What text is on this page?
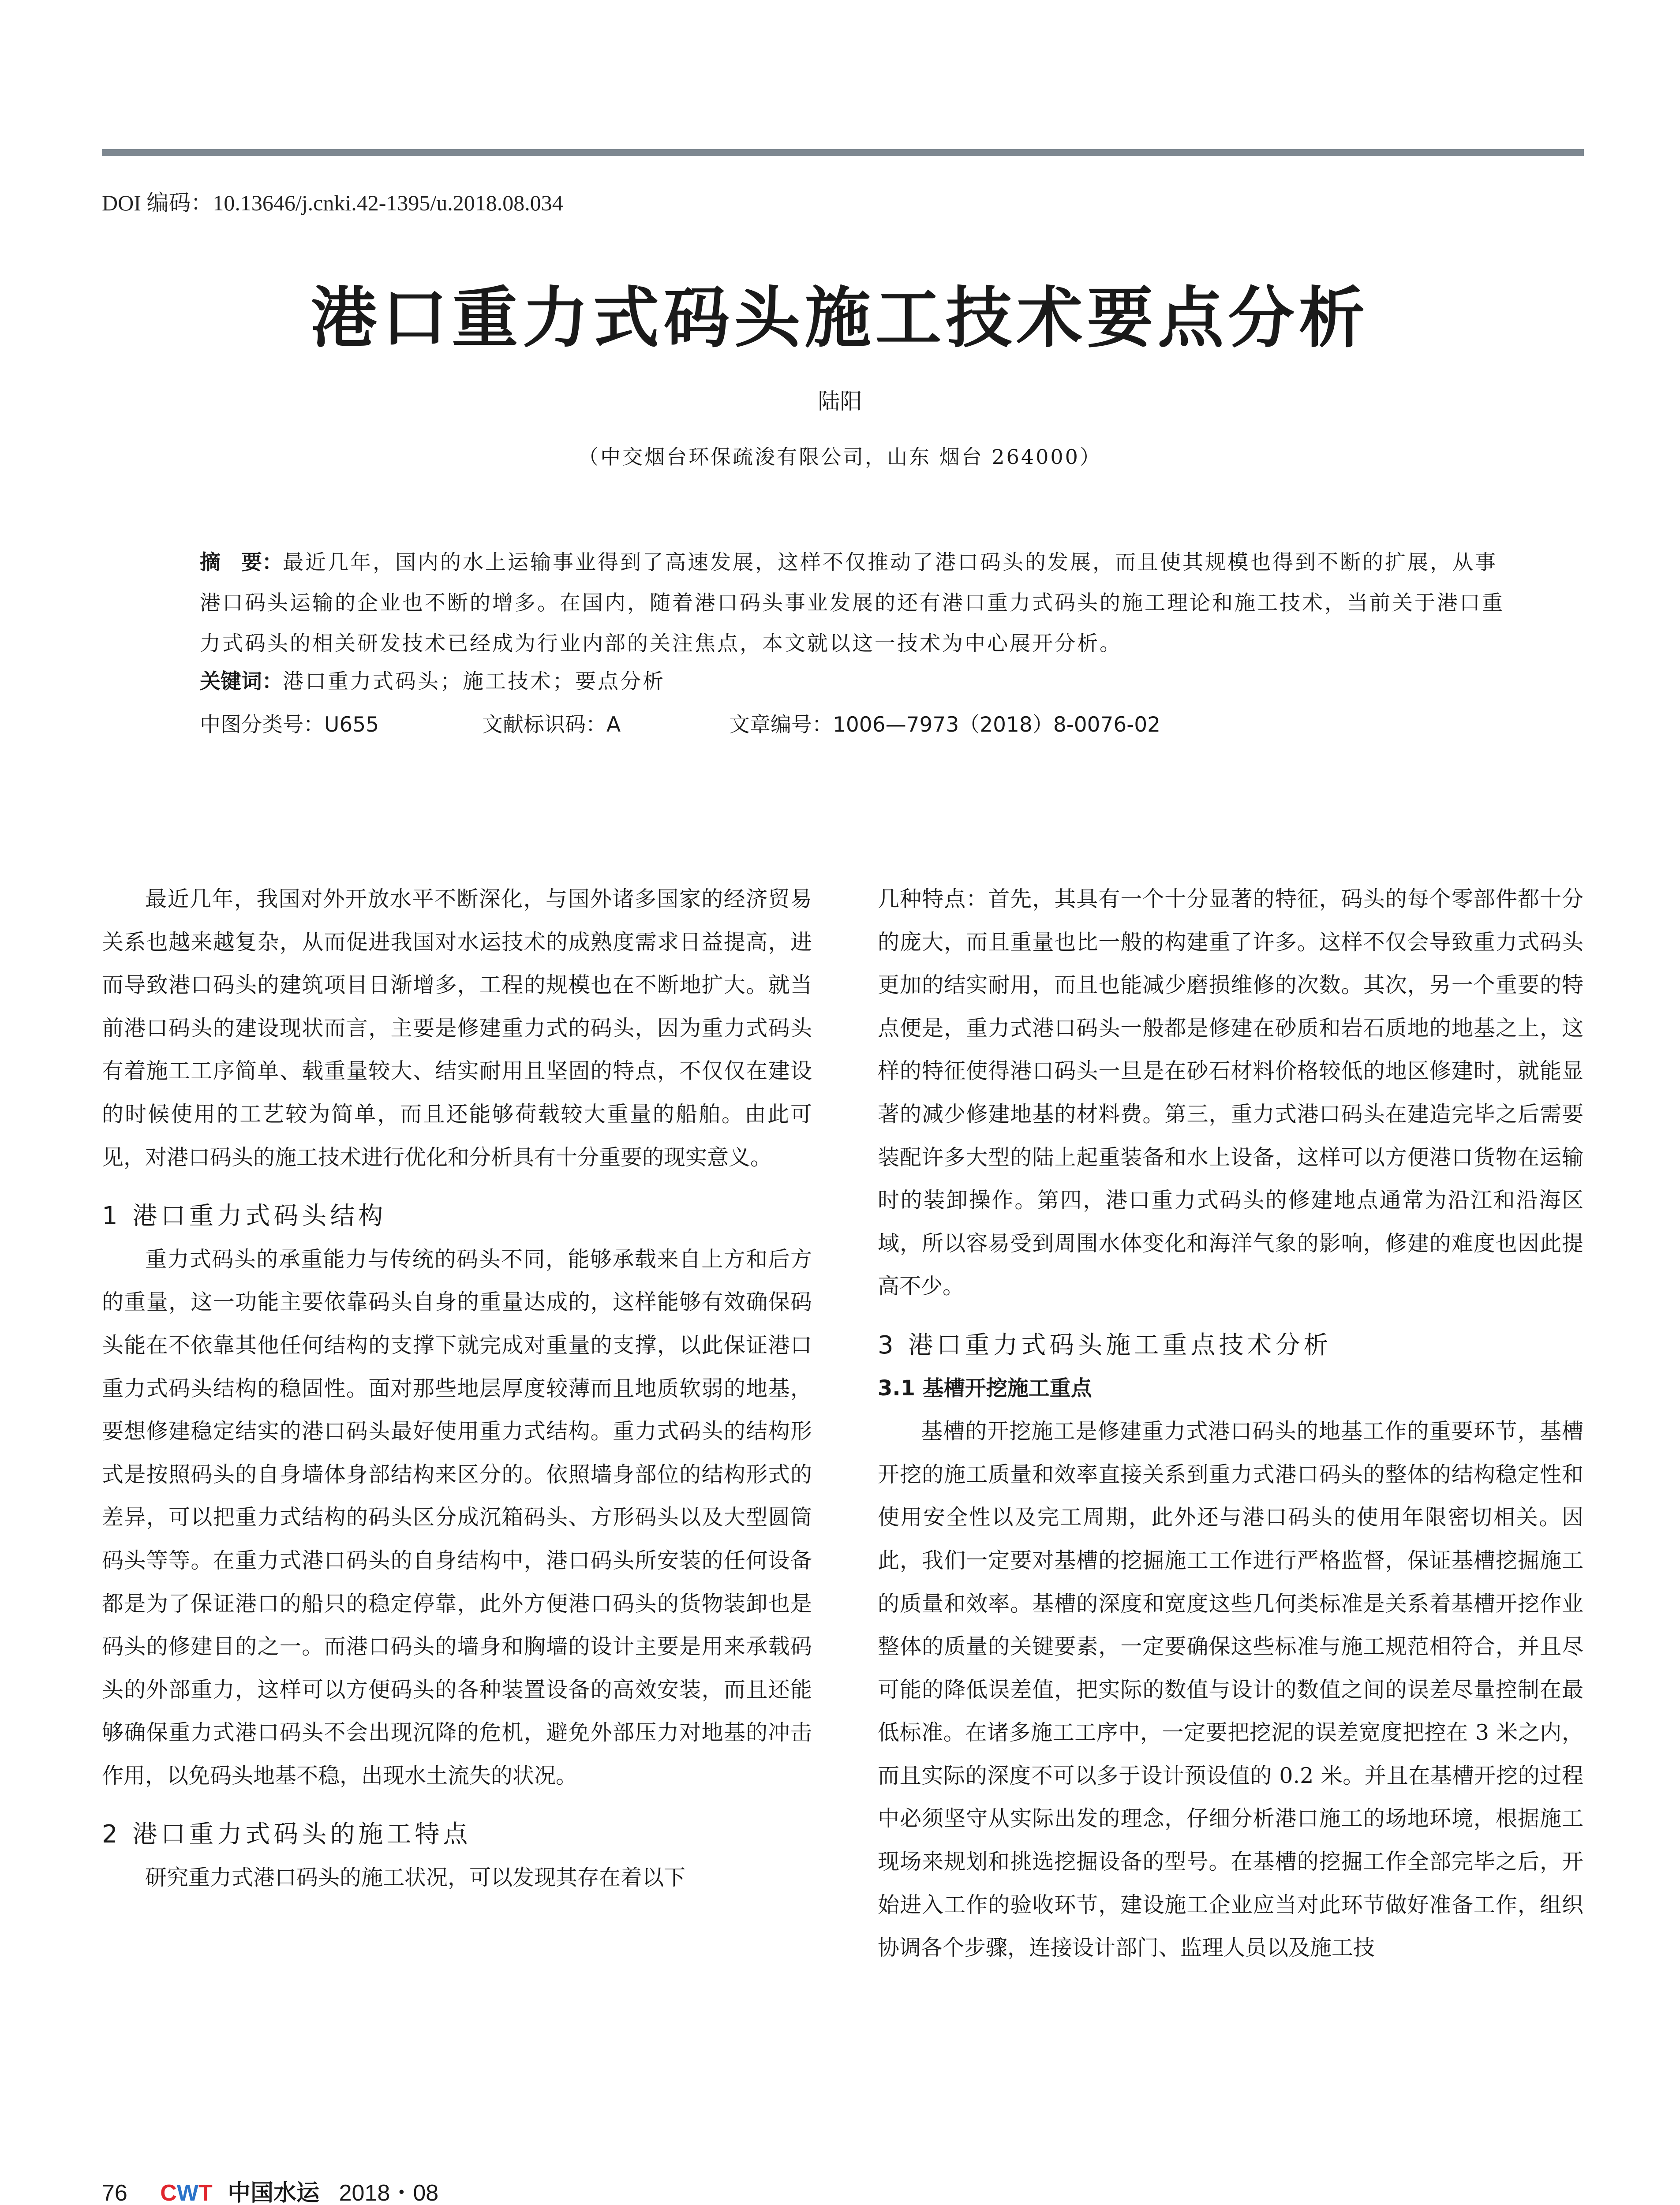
DOI 编码：10.13646/j.cnki.42-1395/u.2018.08.034
港口重力式码头施工技术要点分析
陆阳
（中交烟台环保疏浚有限公司，山东 烟台 264000）
摘　要：最近几年，国内的水上运输事业得到了高速发展，这样不仅推动了港口码头的发展，而且使其规模也得到不断的扩展，从事港口码头运输的企业也不断的增多。在国内，随着港口码头事业发展的还有港口重力式码头的施工理论和施工技术，当前关于港口重力式码头的相关研发技术已经成为行业内部的关注焦点，本文就以这一技术为中心展开分析。
关键词：港口重力式码头；施工技术；要点分析
中图分类号：U655	文献标识码：A	文章编号：1006—7973（2018）8-0076-02

最近几年，我国对外开放水平不断深化，与国外诸多国家的经济贸易关系也越来越复杂，从而促进我国对水运技术的成熟度需求日益提高，进而导致港口码头的建筑项目日渐增多，工程的规模也在不断地扩大。就当前港口码头的建设现状而言，主要是修建重力式的码头，因为重力式码头有着施工工序简单、载重量较大、结实耐用且坚固的特点，不仅仅在建设的时候使用的工艺较为简单，而且还能够荷载较大重量的船舶。由此可见，对港口码头的施工技术进行优化和分析具有十分重要的现实意义。

1 港口重力式码头结构

重力式码头的承重能力与传统的码头不同，能够承载来自上方和后方的重量，这一功能主要依靠码头自身的重量达成的，这样能够有效确保码头能在不依靠其他任何结构的支撑下就完成对重量的支撑，以此保证港口重力式码头结构的稳固性。面对那些地层厚度较薄而且地质软弱的地基，要想修建稳定结实的港口码头最好使用重力式结构。重力式码头的结构形式是按照码头的自身墙体身部结构来区分的。依照墙身部位的结构形式的差异，可以把重力式结构的码头区分成沉箱码头、方形码头以及大型圆筒码头等等。在重力式港口码头的自身结构中，港口码头所安装的任何设备都是为了保证港口的船只的稳定停靠，此外方便港口码头的货物装卸也是码头的修建目的之一。而港口码头的墙身和胸墙的设计主要是用来承载码头的外部重力，这样可以方便码头的各种装置设备的高效安装，而且还能够确保重力式港口码头不会出现沉降的危机，避免外部压力对地基的冲击作用，以免码头地基不稳，出现水土流失的状况。

2 港口重力式码头的施工特点

研究重力式港口码头的施工状况，可以发现其存在着以下

几种特点：首先，其具有一个十分显著的特征，码头的每个零部件都十分的庞大，而且重量也比一般的构建重了许多。这样不仅会导致重力式码头更加的结实耐用，而且也能减少磨损维修的次数。其次，另一个重要的特点便是，重力式港口码头一般都是修建在砂质和岩石质地的地基之上，这样的特征使得港口码头一旦是在砂石材料价格较低的地区修建时，就能显著的减少修建地基的材料费。第三，重力式港口码头在建造完毕之后需要装配许多大型的陆上起重装备和水上设备，这样可以方便港口货物在运输时的装卸操作。第四，港口重力式码头的修建地点通常为沿江和沿海区域，所以容易受到周围水体变化和海洋气象的影响，修建的难度也因此提高不少。

3 港口重力式码头施工重点技术分析

3.1 基槽开挖施工重点

基槽的开挖施工是修建重力式港口码头的地基工作的重要环节，基槽开挖的施工质量和效率直接关系到重力式港口码头的整体的结构稳定性和使用安全性以及完工周期，此外还与港口码头的使用年限密切相关。因此，我们一定要对基槽的挖掘施工工作进行严格监督，保证基槽挖掘施工的质量和效率。基槽的深度和宽度这些几何类标准是关系着基槽开挖作业整体的质量的关键要素，一定要确保这些标准与施工规范相符合，并且尽可能的降低误差值，把实际的数值与设计的数值之间的误差尽量控制在最低标准。在诸多施工工序中，一定要把挖泥的误差宽度把控在 3 米之内，而且实际的深度不可以多于设计预设值的 0.2 米。并且在基槽开挖的过程中必须坚守从实际出发的理念，仔细分析港口施工的场地环境，根据施工现场来规划和挑选挖掘设备的型号。在基槽的挖掘工作全部完毕之后，开始进入工作的验收环节，建设施工企业应当对此环节做好准备工作，组织协调各个步骤，连接设计部门、监理人员以及施工技

76 CWT 中国水运 2018・08
